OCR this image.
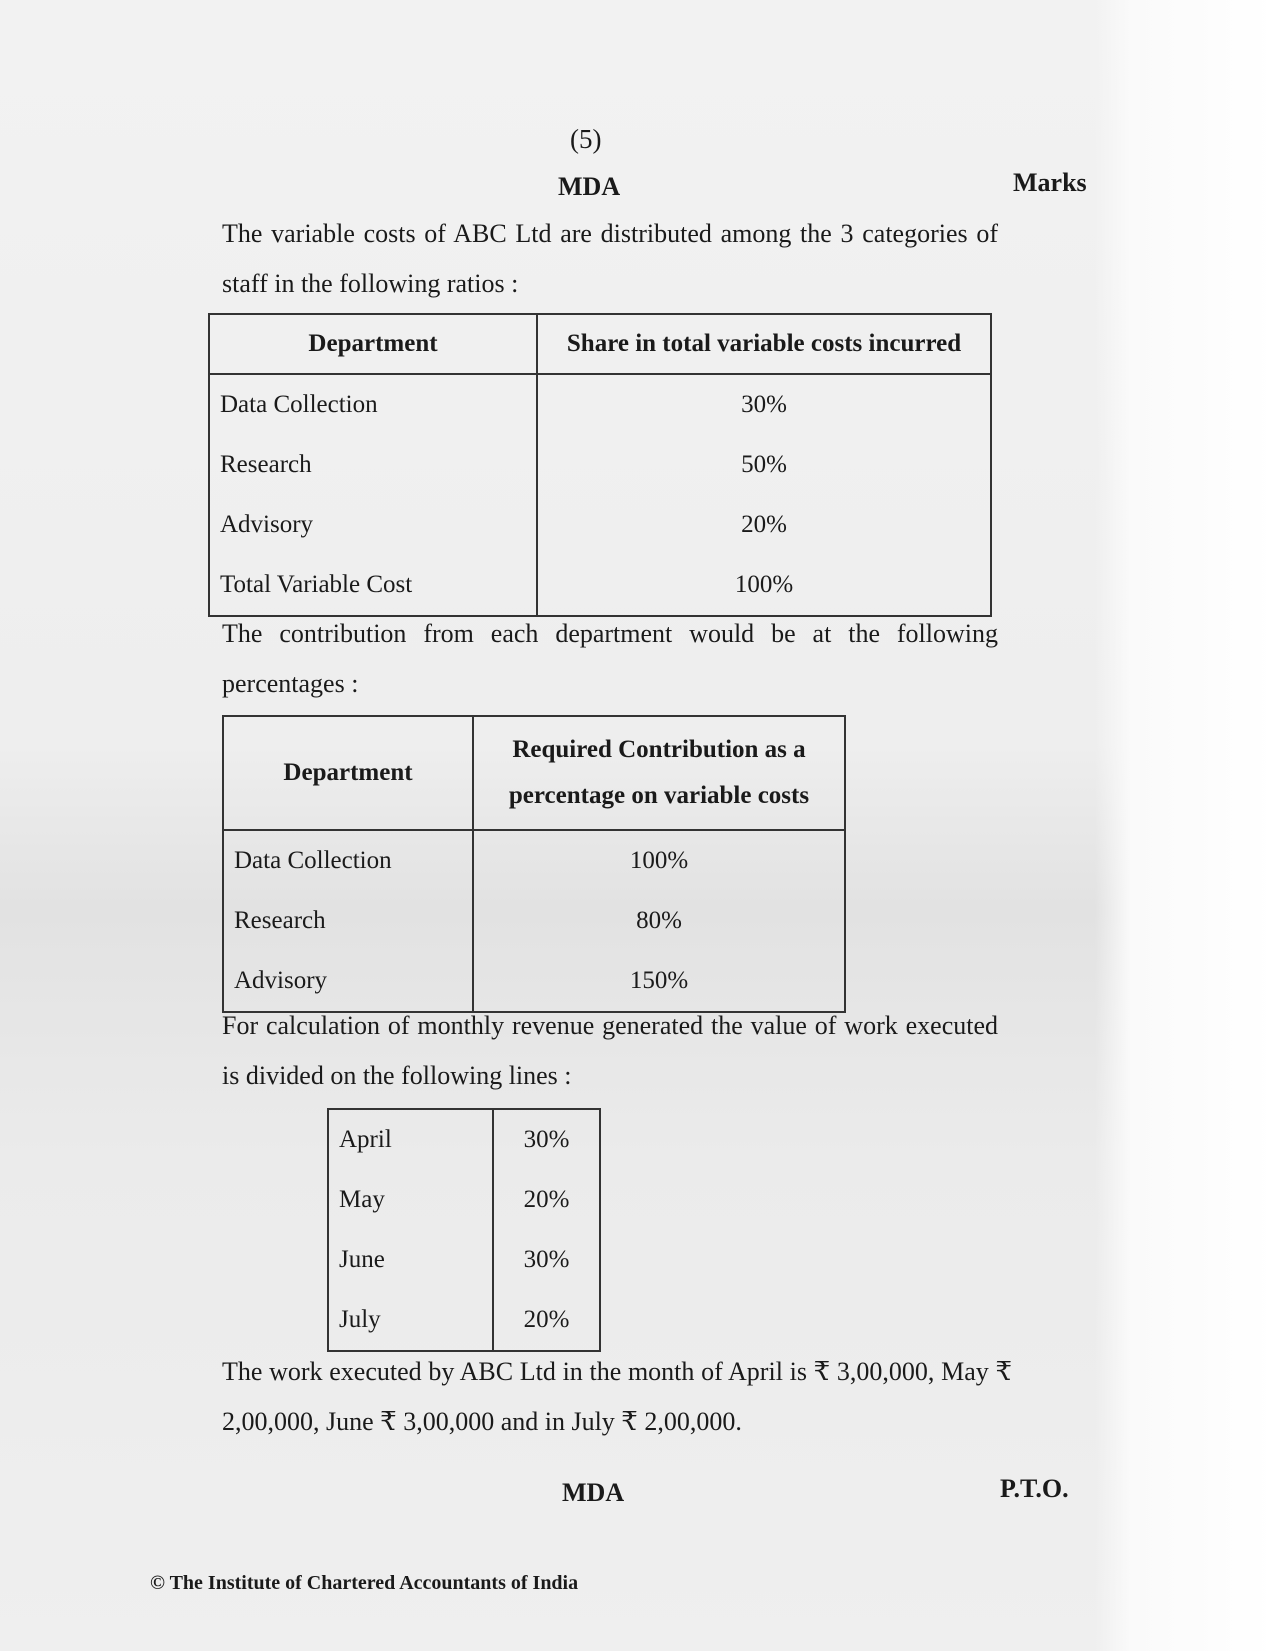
(5)
MDA	Marks
The variable costs of ABC Ltd are distributed among the 3 categories of staff in the following ratios :
Department	Share in total variable costs incurred
Data Collection	30%
Research	50%
Advisory	20%
Total Variable Cost	100%
The contribution from each department would be at the following percentages :
Department	Required Contribution as a percentage on variable costs
Data Collection	100%
Research	80%
Advisory	150%
For calculation of monthly revenue generated the value of work executed is divided on the following lines :
April	30%
May	20%
June	30%
July	20%
The work executed by ABC Ltd in the month of April is ₹ 3,00,000, May ₹ 2,00,000, June ₹ 3,00,000 and in July ₹ 2,00,000.
MDA	P.T.O.
© The Institute of Chartered Accountants of India
